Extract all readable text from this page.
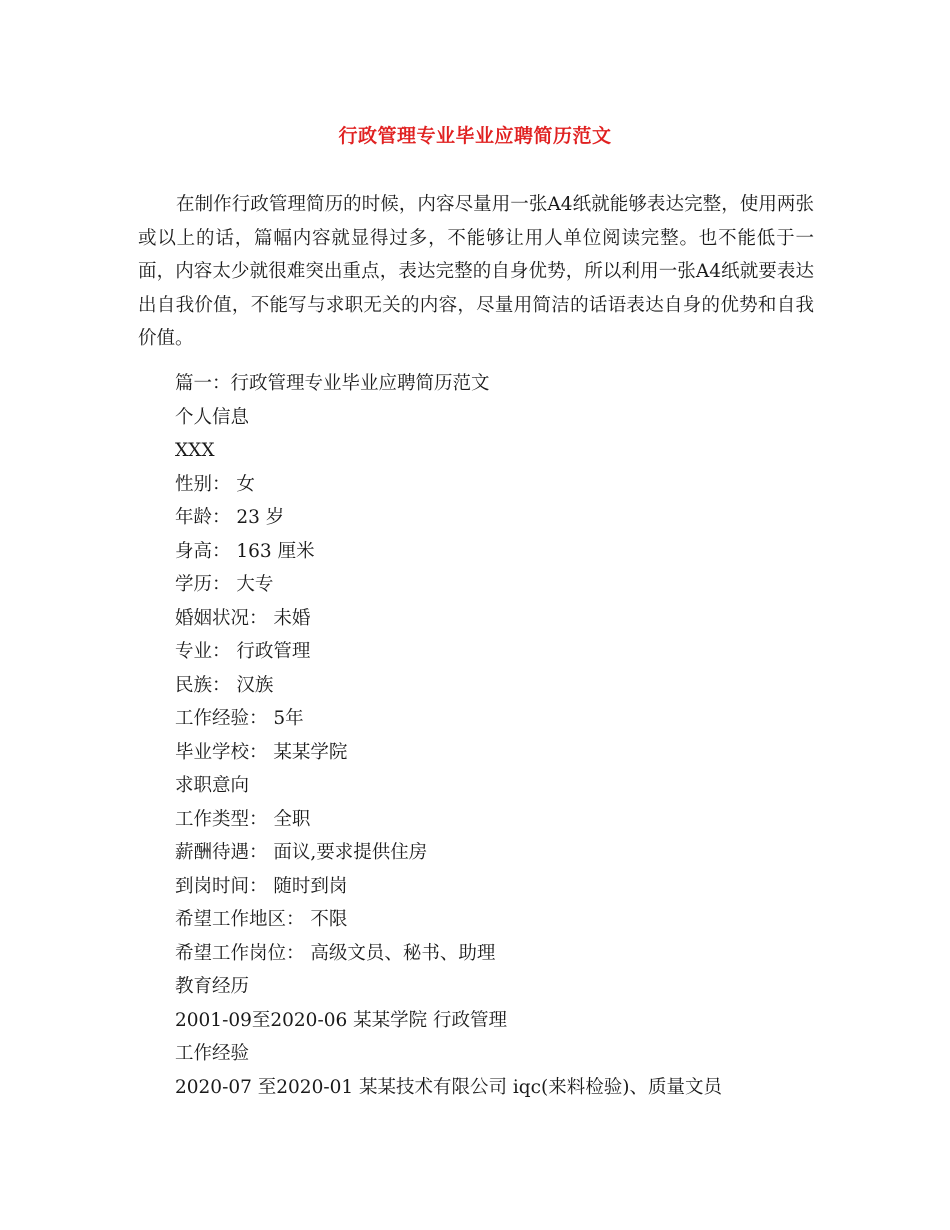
行政管理专业毕业应聘简历范文

在制作行政管理简历的时候，内容尽量用一张A4纸就能够表达完整，使用两张或以上的话，篇幅内容就显得过多，不能够让用人单位阅读完整。也不能低于一面，内容太少就很难突出重点，表达完整的自身优势，所以利用一张A4纸就要表达出自我价值，不能写与求职无关的内容，尽量用简洁的话语表达自身的优势和自我价值。

篇一：行政管理专业毕业应聘简历范文
个人信息
XXX
性别： 女
年龄： 23 岁
身高： 163 厘米
学历： 大专
婚姻状况： 未婚
专业： 行政管理
民族： 汉族
工作经验： 5年
毕业学校： 某某学院
求职意向
工作类型： 全职
薪酬待遇： 面议,要求提供住房
到岗时间： 随时到岗
希望工作地区： 不限
希望工作岗位： 高级文员、秘书、助理
教育经历
2001-09至2020-06 某某学院 行政管理
工作经验
2020-07 至2020-01 某某技术有限公司 iqc(来料检验)、质量文员
